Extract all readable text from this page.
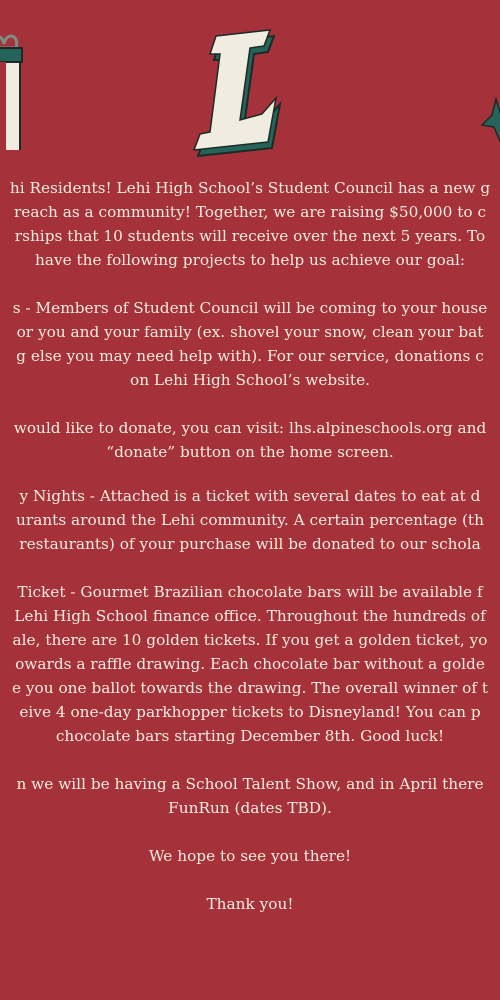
hi Residents! Lehi High School’s Student Council has a new g
reach as a community! Together, we are raising $50,000 to c
rships that 10 students will receive over the next 5 years. To
have the following projects to help us achieve our goal:

s - Members of Student Council will be coming to your house
or you and your family (ex. shovel your snow, clean your bat
g else you may need help with). For our service, donations c
on Lehi High School’s website.

would like to donate, you can visit: lhs.alpineschools.org and
“donate” button on the home screen.

y Nights - Attached is a ticket with several dates to eat at d
urants around the Lehi community. A certain percentage (th
restaurants) of your purchase will be donated to our schola

Ticket - Gourmet Brazilian chocolate bars will be available f
Lehi High School finance office. Throughout the hundreds of
ale, there are 10 golden tickets. If you get a golden ticket, yo
owards a raffle drawing. Each chocolate bar without a golde
e you one ballot towards the drawing. The overall winner of t
eive 4 one-day parkhopper tickets to Disneyland! You can p
chocolate bars starting December 8th. Good luck!

n we will be having a School Talent Show, and in April there
FunRun (dates TBD).

We hope to see you there!

Thank you!
